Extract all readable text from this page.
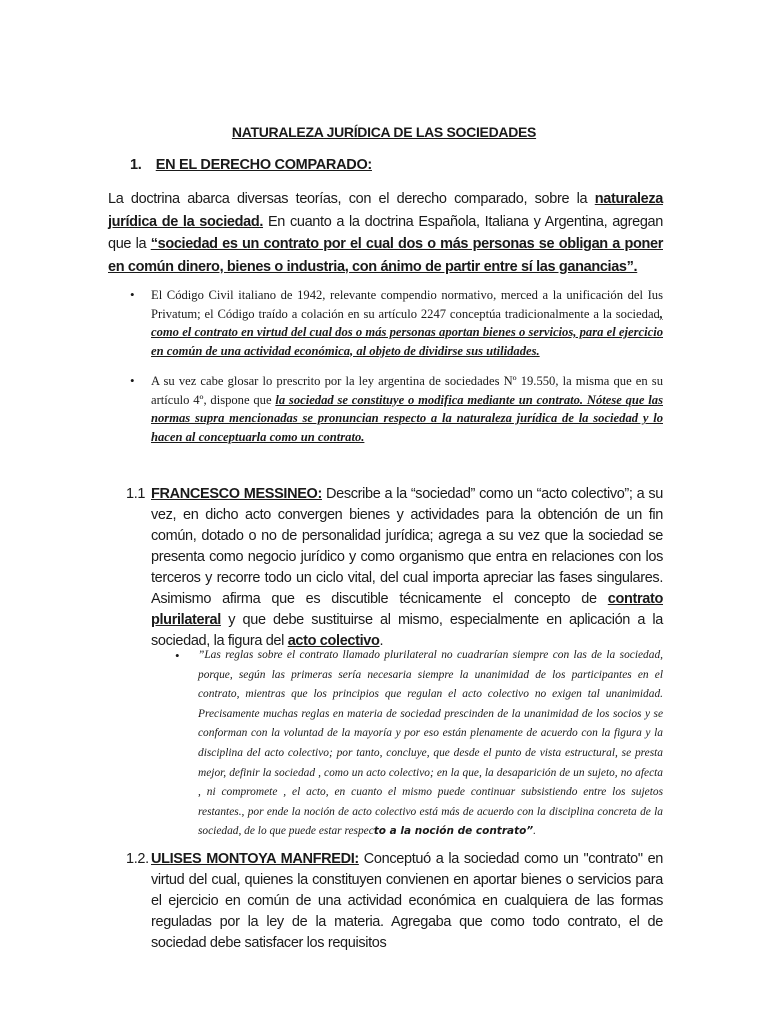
NATURALEZA JURÍDICA DE LAS SOCIEDADES
1. EN EL DERECHO COMPARADO:
La doctrina abarca diversas teorías, con el derecho comparado, sobre la naturaleza jurídica de la sociedad. En cuanto a la doctrina Española, Italiana y Argentina, agregan que la “sociedad es un contrato por el cual dos o más personas se obligan a poner en común dinero, bienes o industria, con ánimo de partir entre sí las ganancias”.
• El Código Civil italiano de 1942, relevante compendio normativo, merced a la unificación del Ius Privatum; el Código traído a colación en su artículo 2247 conceptúa tradicionalmente a la sociedad, como el contrato en virtud del cual dos o más personas aportan bienes o servicios, para el ejercicio en común de una actividad económica, al objeto de dividirse sus utilidades.
• A su vez cabe glosar lo prescrito por la ley argentina de sociedades Nº 19.550, la misma que en su artículo 4º, dispone que la sociedad se constituye o modifica mediante un contrato. Nótese que las normas supra mencionadas se pronuncian respecto a la naturaleza jurídica de la sociedad y lo hacen al conceptuarla como un contrato.
1.1 FRANCESCO MESSINEO: Describe a la “sociedad” como un “acto colectivo”; a su vez, en dicho acto convergen bienes y actividades para la obtención de un fin común, dotado o no de personalidad jurídica; agrega a su vez que la sociedad se presenta como negocio jurídico y como organismo que entra en relaciones con los terceros y recorre todo un ciclo vital, del cual importa apreciar las fases singulares. Asimismo afirma que es discutible técnicamente el concepto de contrato plurilateral y que debe sustituirse al mismo, especialmente en aplicación a la sociedad, la figura del acto colectivo.
• ”Las reglas sobre el contrato llamado plurilateral no cuadrarían siempre con las de la sociedad, porque, según las primeras sería necesaria siempre la unanimidad de los participantes en el contrato, mientras que los principios que regulan el acto colectivo no exigen tal unanimidad. Precisamente muchas reglas en materia de sociedad prescinden de la unanimidad de los socios y se conforman con la voluntad de la mayoría y por eso están plenamente de acuerdo con la figura y la disciplina del acto colectivo; por tanto, concluye, que desde el punto de vista estructural, se presta mejor, definir la sociedad , como un acto colectivo; en la que, la desaparición de un sujeto, no afecta , ni compromete , el acto, en cuanto el mismo puede continuar subsistiendo entre los sujetos restantes., por ende la noción de acto colectivo está más de acuerdo con la disciplina concreta de la sociedad, de lo que puede estar respecto a la noción de contrato”.
1.2. ULISES MONTOYA MANFREDI: Conceptuó a la sociedad como un "contrato" en virtud del cual, quienes la constituyen convienen en aportar bienes o servicios para el ejercicio en común de una actividad económica en cualquiera de las formas reguladas por la ley de la materia. Agregaba que como todo contrato, el de sociedad debe satisfacer los requisitos
